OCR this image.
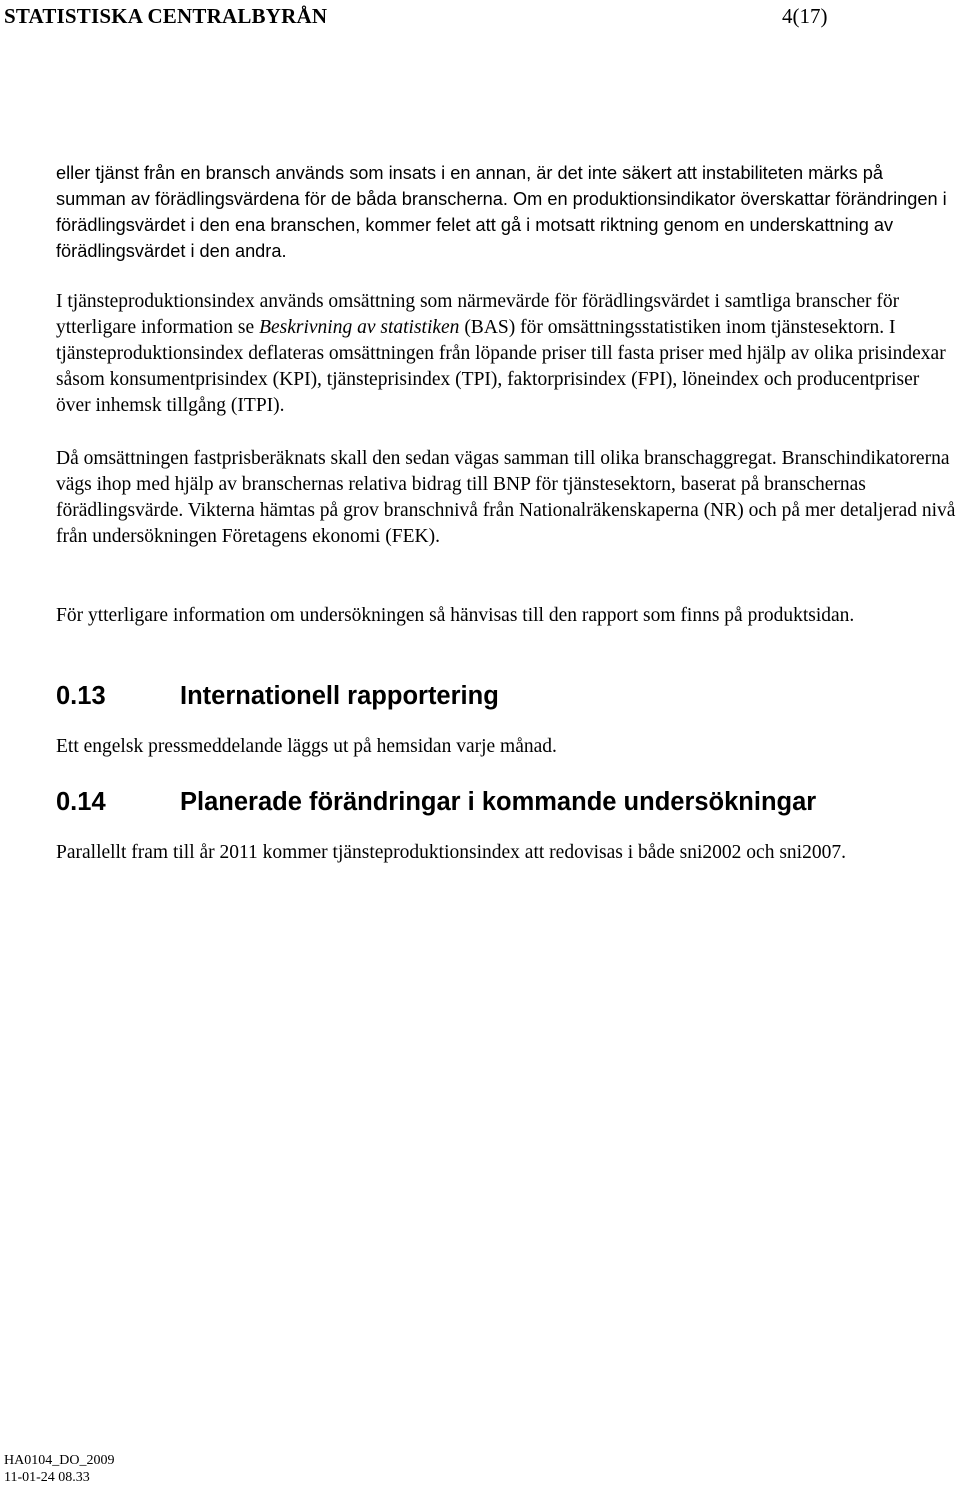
STATISTISKA CENTRALBYRÅN	4(17)

eller tjänst från en bransch används som insats i en annan, är det inte säkert att instabiliteten märks på summan av förädlingsvärdena för de båda branscherna. Om en produktionsindikator överskattar förändringen i förädlingsvärdet i den ena branschen, kommer felet att gå i motsatt riktning genom en underskattning av förädlingsvärdet i den andra.

I tjänsteproduktionsindex används omsättning som närmevärde för förädlingsvärdet i samtliga branscher för ytterligare information se Beskrivning av statistiken (BAS) för omsättningsstatistiken inom tjänstesektorn. I tjänsteproduktionsindex deflateras omsättningen från löpande priser till fasta priser med hjälp av olika prisindexar såsom konsumentprisindex (KPI), tjänsteprisindex (TPI), faktorprisindex (FPI), löneindex och producentpriser över inhemsk tillgång (ITPI).

Då omsättningen fastprisberäknats skall den sedan vägas samman till olika branschaggregat. Branschindikatorerna vägs ihop med hjälp av branschernas relativa bidrag till BNP för tjänstesektorn, baserat på branschernas förädlingsvärde. Vikterna hämtas på grov branschnivå från Nationalräkenskaperna (NR) och på mer detaljerad nivå från undersökningen Företagens ekonomi (FEK).

För ytterligare information om undersökningen så hänvisas till den rapport som finns på produktsidan.

0.13	Internationell rapportering

Ett engelsk pressmeddelande läggs ut på hemsidan varje månad.

0.14	Planerade förändringar i kommande undersökningar

Parallellt fram till år 2011 kommer tjänsteproduktionsindex att redovisas i både sni2002 och sni2007.

HA0104_DO_2009
11-01-24 08.33
